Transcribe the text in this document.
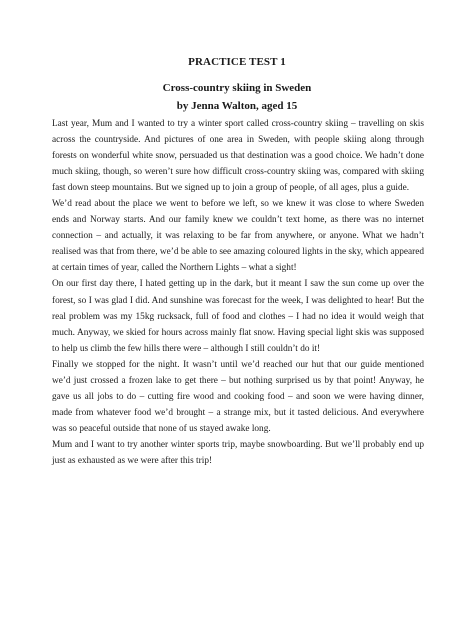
PRACTICE TEST 1
Cross-country skiing in Sweden
by Jenna Walton, aged 15

Last year, Mum and I wanted to try a winter sport called cross-country skiing – travelling on skis across the countryside. And pictures of one area in Sweden, with people skiing along through forests on wonderful white snow, persuaded us that destination was a good choice. We hadn’t done much skiing, though, so weren’t sure how difficult cross-country skiing was, compared with skiing fast down steep mountains. But we signed up to join a group of people, of all ages, plus a guide.

We’d read about the place we went to before we left, so we knew it was close to where Sweden ends and Norway starts. And our family knew we couldn’t text home, as there was no internet connection – and actually, it was relaxing to be far from anywhere, or anyone. What we hadn’t realised was that from there, we’d be able to see amazing coloured lights in the sky, which appeared at certain times of year, called the Northern Lights – what a sight!

On our first day there, I hated getting up in the dark, but it meant I saw the sun come up over the forest, so I was glad I did. And sunshine was forecast for the week, I was delighted to hear! But the real problem was my 15kg rucksack, full of food and clothes – I had no idea it would weigh that much. Anyway, we skied for hours across mainly flat snow. Having special light skis was supposed to help us climb the few hills there were – although I still couldn’t do it!

Finally we stopped for the night. It wasn’t until we’d reached our hut that our guide mentioned we’d just crossed a frozen lake to get there – but nothing surprised us by that point! Anyway, he gave us all jobs to do – cutting fire wood and cooking food – and soon we were having dinner, made from whatever food we’d brought – a strange mix, but it tasted delicious. And everywhere was so peaceful outside that none of us stayed awake long.

Mum and I want to try another winter sports trip, maybe snowboarding. But we’ll probably end up just as exhausted as we were after this trip!
